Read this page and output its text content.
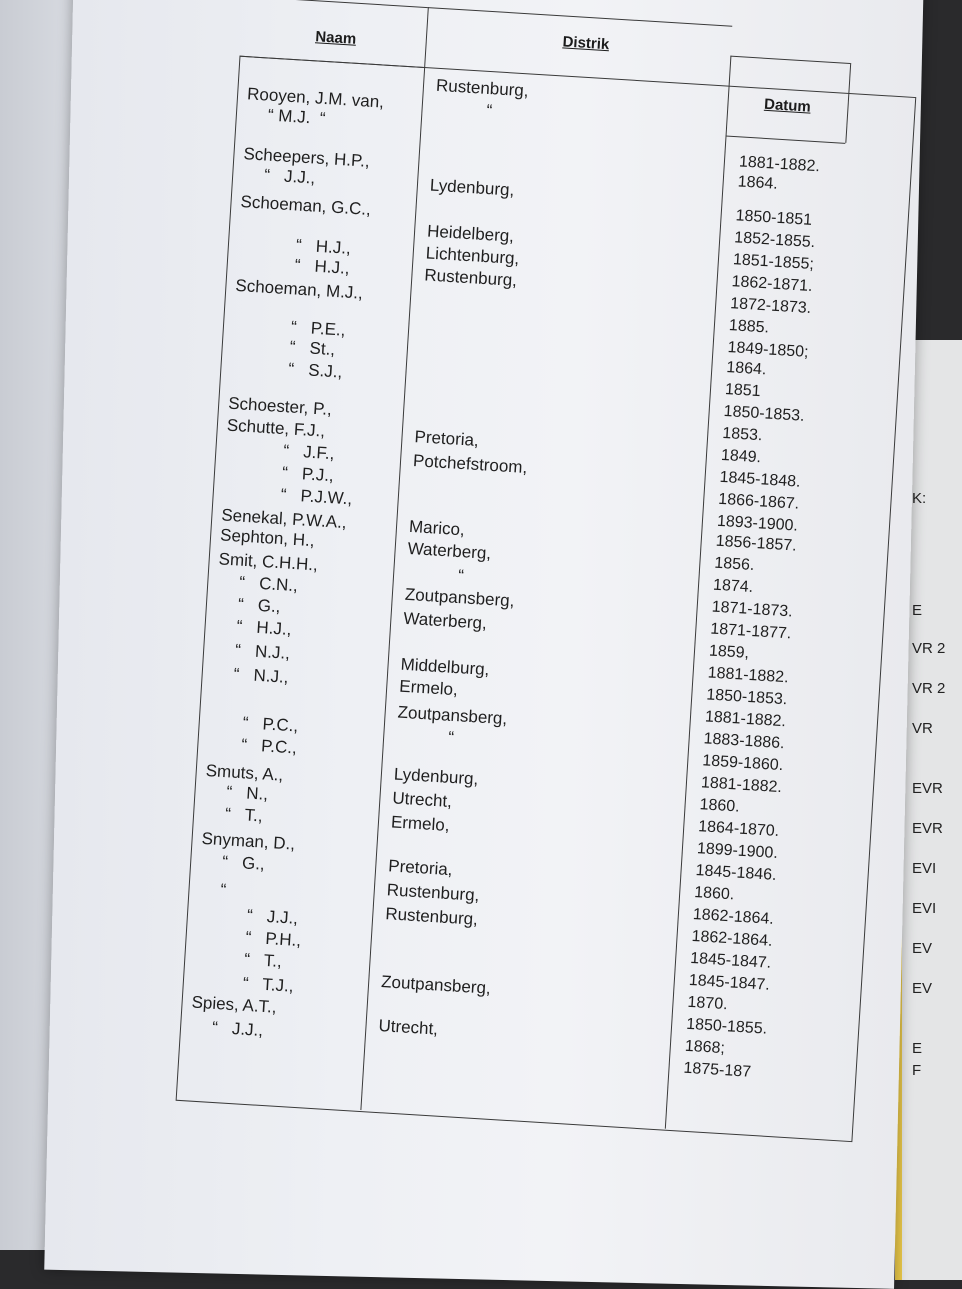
K:
E
VR 2
VR 2
VR
EVR
EVR
EVI
EVI
EV
EV
E
F
Naam	Distrik
Datum
Rooyen, J.M. van,
“ M.J.  “
Scheepers, H.P.,
“   J.J.,
Schoeman, G.C.,
“   H.J.,
“   H.J.,
Schoeman, M.J.,
“   P.E.,
“   St.,
“   S.J.,
Schoester, P.,
Schutte, F.J.,
“   J.F.,
“   P.J.,
“   P.J.W.,
Senekal, P.W.A.,
Sephton, H.,
Smit, C.H.H.,
“   C.N.,
“   G.,
“   H.J.,
“   N.J.,
“   N.J.,
“   P.C.,
“   P.C.,
Smuts, A.,
“   N.,
“   T.,
Snyman, D.,
“   G.,
“
“   J.J.,
“   P.H.,
“   T.,
“   T.J.,
Spies, A.T.,
“   J.J.,
Rustenburg,
“
Lydenburg,
Heidelberg,
Lichtenburg,
Rustenburg,
Pretoria,
Potchefstroom,
Marico,
Waterberg,
“
Zoutpansberg,
Waterberg,
Middelburg,
Ermelo,
Zoutpansberg,
“
Lydenburg,
Utrecht,
Ermelo,
Pretoria,
Rustenburg,
Rustenburg,
Zoutpansberg,
Utrecht,
1881-1882.
1864.
1850-1851
1852-1855.
1851-1855;
1862-1871.
1872-1873.
1885.
1849-1850;
1864.
1851
1850-1853.
1853.
1849.
1845-1848.
1866-1867.
1893-1900.
1856-1857.
1856.
1874.
1871-1873.
1871-1877.
1859,
1881-1882.
1850-1853.
1881-1882.
1883-1886.
1859-1860.
1881-1882.
1860.
1864-1870.
1899-1900.
1845-1846.
1860.
1862-1864.
1862-1864.
1845-1847.
1845-1847.
1870.
1850-1855.
1868;
1875-187
